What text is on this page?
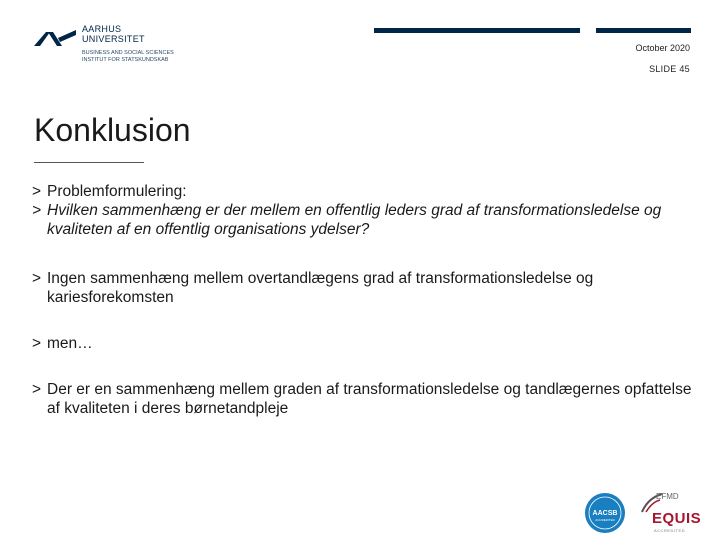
AARHUS
UNIVERSITET
BUSINESS AND SOCIAL SCIENCES
INSTITUT FOR STATSKUNDSKAB
October 2020
SLIDE 45
Konklusion
> Problemformulering:
> Hvilken sammenhæng er der mellem en offentlig leders grad af transformationsledelse og kvaliteten af en offentlig organisations ydelser?
> Ingen sammenhæng mellem overtandlægens grad af transformationsledelse og kariesforekomsten
> men…
> Der er en sammenhæng mellem graden af transformationsledelse og tandlægernes opfattelse af kvaliteten i deres børnetandpleje
AACSB
ACCREDITED
EFMD
EQUIS
ACCREDITED
